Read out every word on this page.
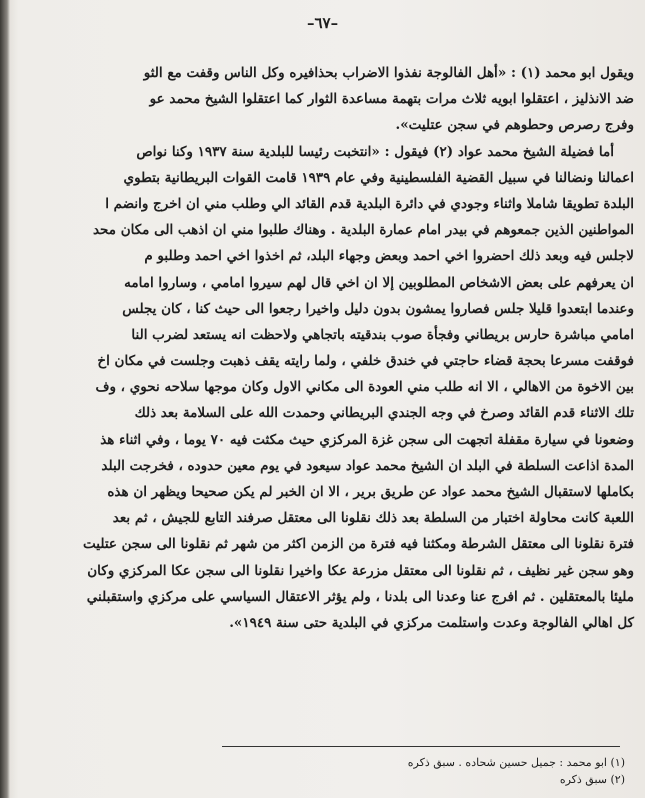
–٦٧–
ويقول ابو محمد (١) : «أهل الفالوجة نفذوا الاضراب بحذافيره وكل الناس وقفت مع الثو
ضد الانذليز ، اعتقلوا ابويه ثلاث مرات بتهمة مساعدة الثوار كما اعتقلوا الشيخ محمد عو
وفرج رصرص وحطوهم في سجن عتليت».
أما فضيلة الشيخ محمد عواد (٢) فيقول : «انتخبت رئيسا للبلدية سنة ١٩٣٧ وكنا نواص
اعمالنا ونضالنا في سبيل القضية الفلسطينية وفي عام ١٩٣٩ قامت القوات البريطانية بتطوي
البلدة تطويقا شاملا واثناء وجودي في دائرة البلدية قدم القائد الي وطلب مني ان اخرج وانضم ا
المواطنين الذين جمعوهم في بيدر امام عمارة البلدية . وهناك طلبوا مني ان اذهب الى مكان محد
لاجلس فيه وبعد ذلك احضروا اخي احمد وبعض وجهاء البلد، ثم اخذوا اخي احمد وطلبو م
ان يعرفهم على بعض الاشخاص المطلوبين إلا ان اخي قال لهم سيروا امامي ، وساروا امامه
وعندما ابتعدوا قليلا جلس فصاروا يمشون بدون دليل واخيرا رجعوا الى حيث كنا ، كان يجلس
امامي مباشرة حارس بريطاني وفجأة صوب بندقيته باتجاهي ولاحظت انه يستعد لضرب النا
فوقفت مسرعا بحجة قضاء حاجتي في خندق خلفي ، ولما رايته يقف ذهبت وجلست في مكان اخ
بين الاخوة من الاهالي ، الا انه طلب مني العودة الى مكاني الاول وكان موجها سلاحه نحوي ، وف
تلك الاثناء قدم القائد وصرخ في وجه الجندي البريطاني وحمدت الله على السلامة بعد ذلك
وضعونا في سيارة مقفلة اتجهت الى سجن غزة المركزي حيث مكثت فيه ٧٠ يوما ، وفي اثناء هذ
المدة اذاعت السلطة في البلد ان الشيخ محمد عواد سيعود في يوم معين حدوده ، فخرجت البلد
بكاملها لاستقبال الشيخ محمد عواد عن طريق برير ، الا ان الخبر لم يكن صحيحا ويظهر ان هذه
اللعبة كانت محاولة اختبار من السلطة بعد ذلك نقلونا الى معتقل صرفند التابع للجيش ، ثم بعد
فترة نقلونا الى معتقل الشرطة ومكثنا فيه فترة من الزمن اكثر من شهر ثم نقلونا الى سجن عتليت
وهو سجن غير نظيف ، ثم نقلونا الى معتقل مزرعة عكا واخيرا نقلونا الى سجن عكا المركزي وكان
مليئا بالمعتقلين . ثم افرج عنا وعدنا الى بلدنا ، ولم يؤثر الاعتقال السياسي على مركزي واستقبلني
كل اهالي الفالوجة وعدت واستلمت مركزي في البلدية حتى سنة ١٩٤٩».
(١) ابو محمد : جميل حسين شحاده . سبق ذكره
(٢) سبق ذكره
